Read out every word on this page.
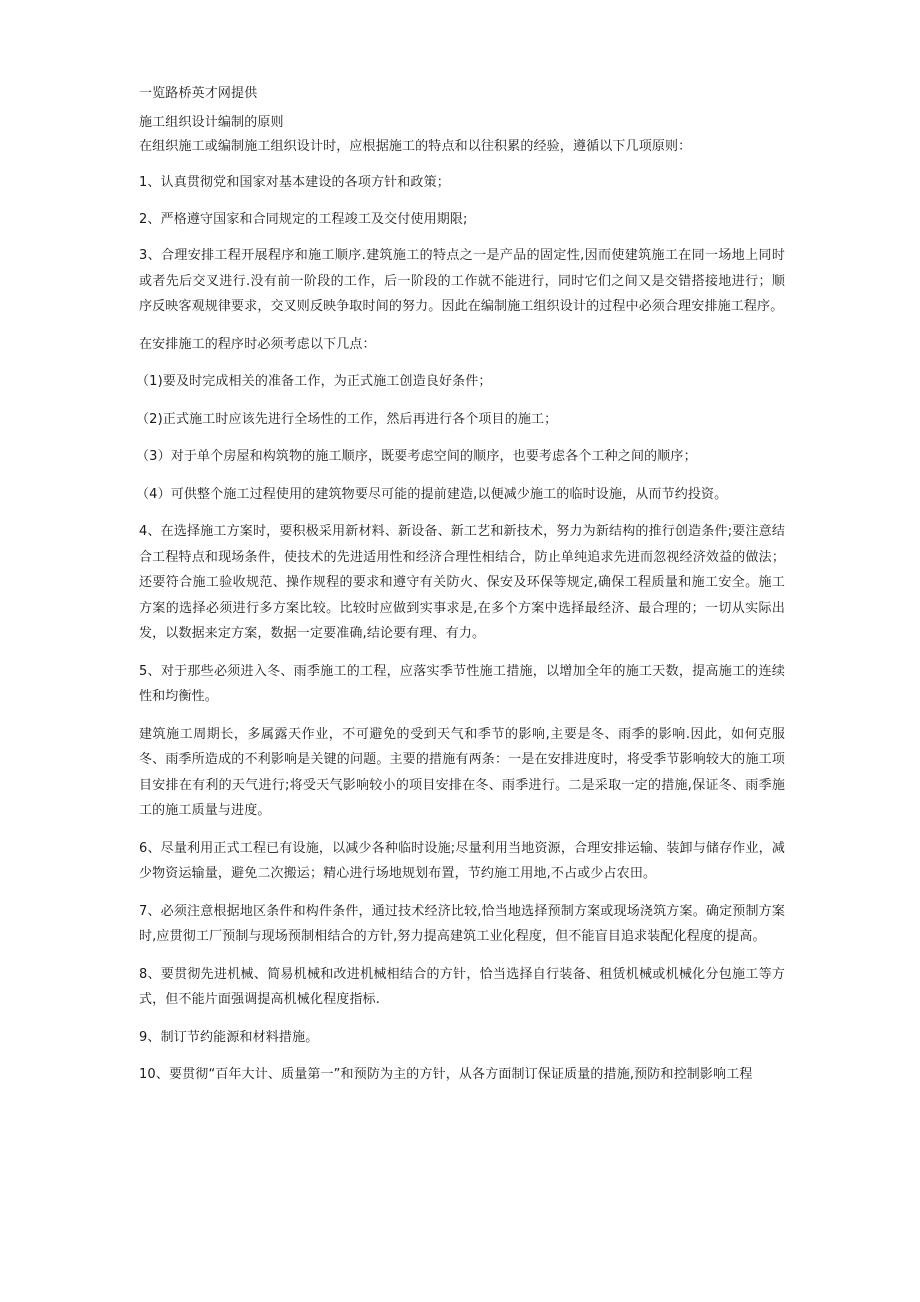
一览路桥英才网提供

施工组织设计编制的原则

在组织施工或编制施工组织设计时，应根据施工的特点和以往积累的经验，遵循以下几项原则：

1、认真贯彻党和国家对基本建设的各项方针和政策；

2、严格遵守国家和合同规定的工程竣工及交付使用期限;

3、合理安排工程开展程序和施工顺序.建筑施工的特点之一是产品的固定性,因而使建筑施工在同一场地上同时或者先后交叉进行.没有前一阶段的工作，后一阶段的工作就不能进行，同时它们之间又是交错搭接地进行；顺序反映客观规律要求，交叉则反映争取时间的努力。因此在编制施工组织设计的过程中必须合理安排施工程序。

在安排施工的程序时必须考虑以下几点：

（1)要及时完成相关的准备工作，为正式施工创造良好条件；

（2)正式施工时应该先进行全场性的工作，然后再进行各个项目的施工；

（3）对于单个房屋和构筑物的施工顺序，既要考虑空间的顺序，也要考虑各个工种之间的顺序；

（4）可供整个施工过程使用的建筑物要尽可能的提前建造,以便减少施工的临时设施，从而节约投资。

4、在选择施工方案时，要积极采用新材料、新设备、新工艺和新技术，努力为新结构的推行创造条件;要注意结合工程特点和现场条件，使技术的先进适用性和经济合理性相结合，防止单纯追求先进而忽视经济效益的做法；还要符合施工验收规范、操作规程的要求和遵守有关防火、保安及环保等规定,确保工程质量和施工安全。施工方案的选择必须进行多方案比较。比较时应做到实事求是,在多个方案中选择最经济、最合理的；一切从实际出发，以数据来定方案，数据一定要准确,结论要有理、有力。

5、对于那些必须进入冬、雨季施工的工程，应落实季节性施工措施，以增加全年的施工天数，提高施工的连续性和均衡性。

建筑施工周期长，多属露天作业，不可避免的受到天气和季节的影响,主要是冬、雨季的影响.因此，如何克服冬、雨季所造成的不利影响是关键的问题。主要的措施有两条：一是在安排进度时，将受季节影响较大的施工项目安排在有利的天气进行;将受天气影响较小的项目安排在冬、雨季进行。二是采取一定的措施,保证冬、雨季施工的施工质量与进度。

6、尽量利用正式工程已有设施，以减少各种临时设施;尽量利用当地资源，合理安排运输、装卸与储存作业，减少物资运输量，避免二次搬运；精心进行场地规划布置，节约施工用地,不占或少占农田。

7、必须注意根据地区条件和构件条件，通过技术经济比较,恰当地选择预制方案或现场浇筑方案。确定预制方案时,应贯彻工厂预制与现场预制相结合的方针,努力提高建筑工业化程度，但不能盲目追求装配化程度的提高。

8、要贯彻先进机械、简易机械和改进机械相结合的方针，恰当选择自行装备、租赁机械或机械化分包施工等方式，但不能片面强调提高机械化程度指标.

9、制订节约能源和材料措施。

10、要贯彻“百年大计、质量第一”和预防为主的方针，从各方面制订保证质量的措施,预防和控制影响工程
